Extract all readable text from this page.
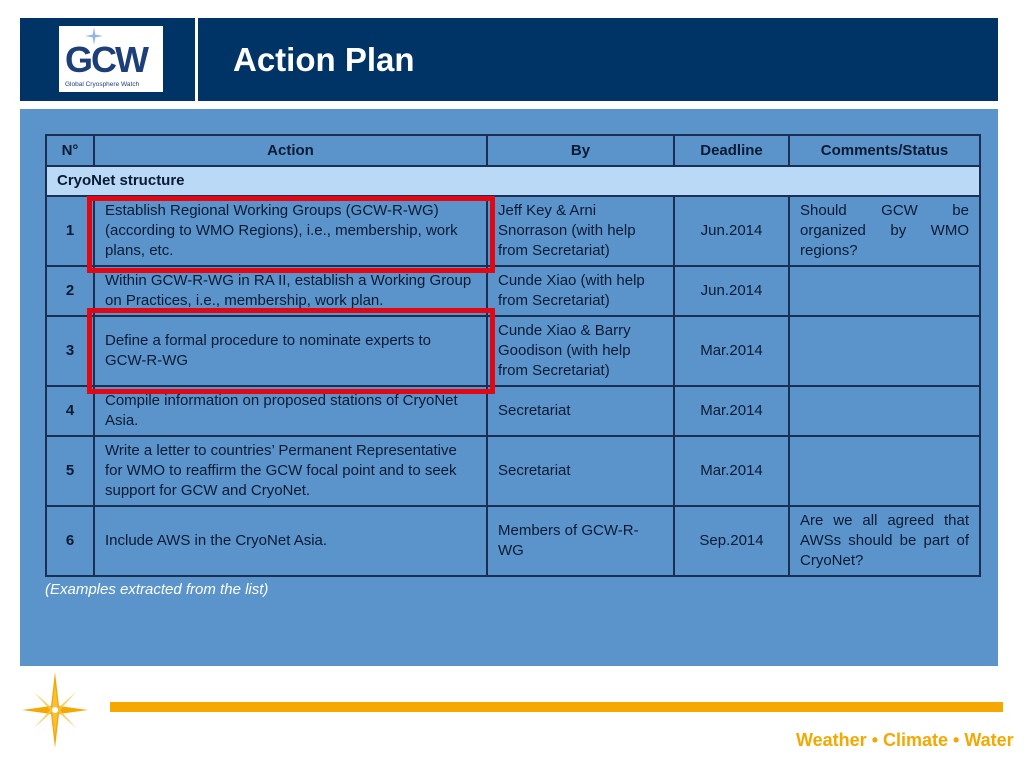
GCW
Global Cryosphere Watch
Action Plan
N°	Action	By	Deadline	Comments/Status
CryoNet structure				
1	Establish Regional Working Groups (GCW-R-WG) (according to WMO Regions), i.e., membership, work plans, etc.	Jeff Key & Arni Snorrason (with help from Secretariat)	Jun.2014	Should GCW be organized by WMO regions?
2	Within GCW-R-WG in RA II, establish a Working Group on Practices, i.e., membership, work plan.	Cunde Xiao (with help from Secretariat)	Jun.2014	
3	Define a formal procedure to nominate experts to GCW-R-WG	Cunde Xiao & Barry Goodison (with help from Secretariat)	Mar.2014	
4	Compile information on proposed stations of CryoNet Asia.	Secretariat	Mar.2014	
5	Write a letter to countries’ Permanent Representative for WMO to reaffirm the GCW focal point and to seek support for GCW and CryoNet.	Secretariat	Mar.2014	
6	Include AWS in the CryoNet Asia.	Members of GCW-R-WG	Sep.2014	Are we all agreed that AWSs should be part of CryoNet?
(Examples extracted from the list)
Weather • Climate • Water
